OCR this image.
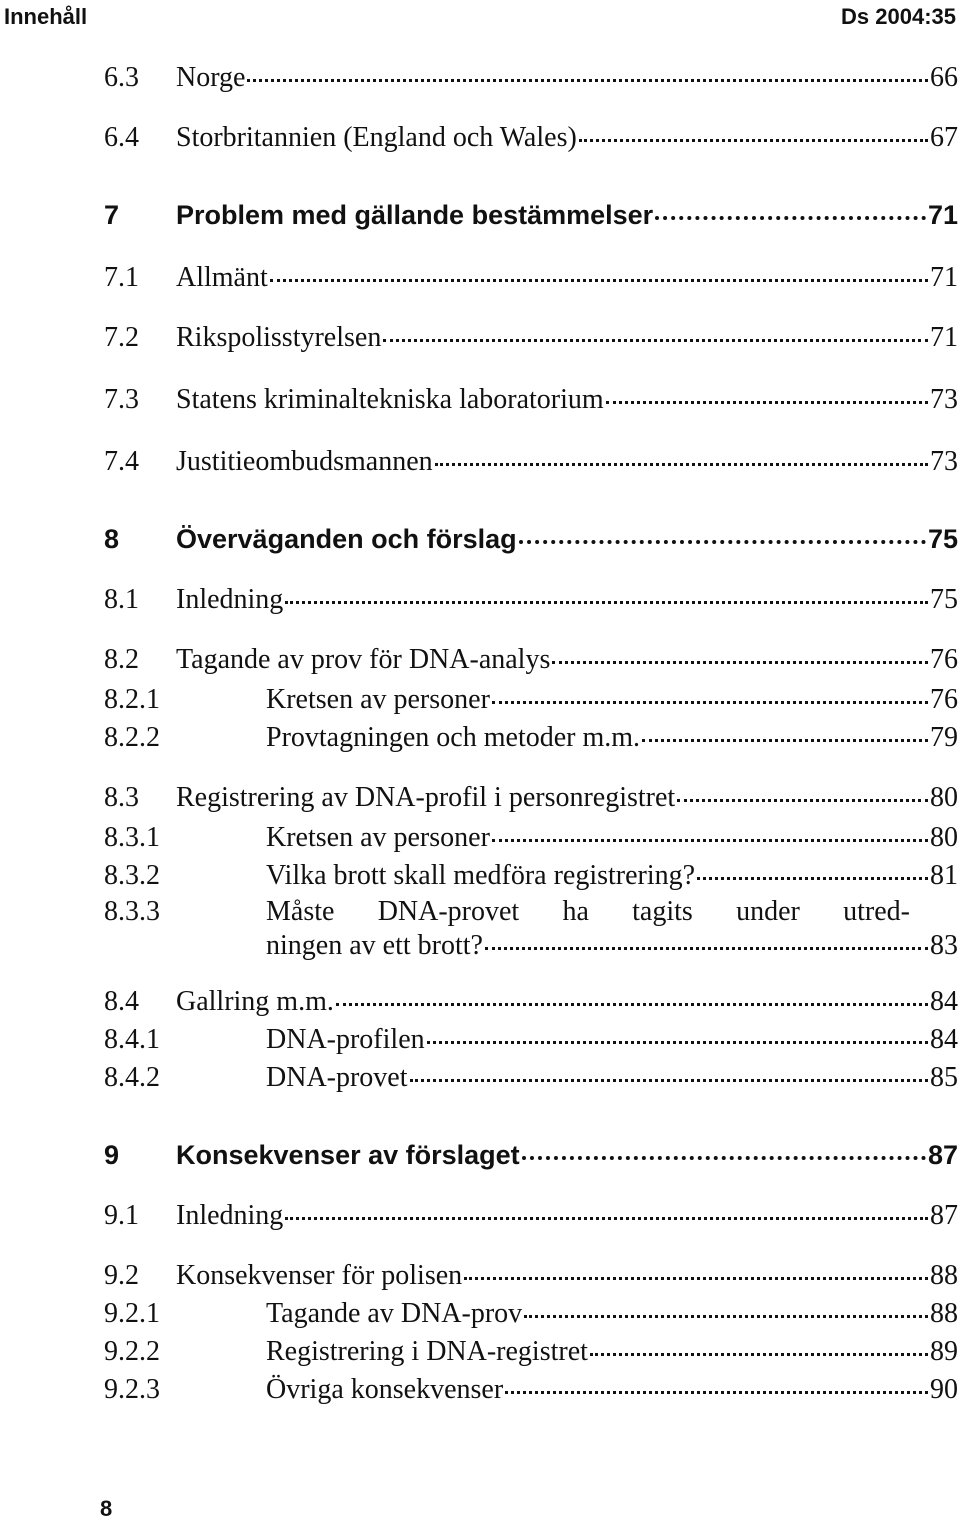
Innehåll	Ds 2004:35
6.3	Norge	66
6.4	Storbritannien (England och Wales)	67
7	Problem med gällande bestämmelser	71
7.1	Allmänt	71
7.2	Rikspolisstyrelsen	71
7.3	Statens kriminaltekniska laboratorium	73
7.4	Justitieombudsmannen	73
8	Överväganden och förslag	75
8.1	Inledning	75
8.2	Tagande av prov för DNA-analys	76
8.2.1	Kretsen av personer	76
8.2.2	Provtagningen och metoder m.m.	79
8.3	Registrering av DNA-profil i personregistret	80
8.3.1	Kretsen av personer	80
8.3.2	Vilka brott skall medföra registrering?	81
8.3.3	Måste DNA-provet ha tagits under utred-
ningen av ett brott?	83
8.4	Gallring m.m.	84
8.4.1	DNA-profilen	84
8.4.2	DNA-provet	85
9	Konsekvenser av förslaget	87
9.1	Inledning	87
9.2	Konsekvenser för polisen	88
9.2.1	Tagande av DNA-prov	88
9.2.2	Registrering i DNA-registret	89
9.2.3	Övriga konsekvenser	90
8
